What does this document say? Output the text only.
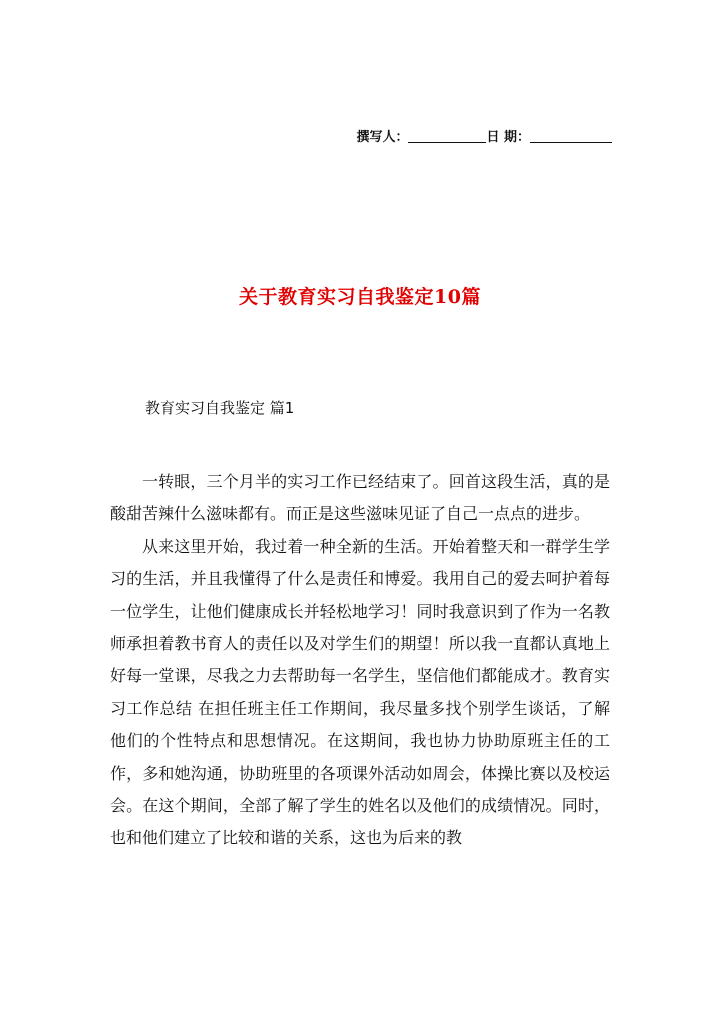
撰写人：	日 期：
关于教育实习自我鉴定10篇
教育实习自我鉴定 篇1

一转眼，三个月半的实习工作已经结束了。回首这段生活，真的是酸甜苦辣什么滋味都有。而正是这些滋味见证了自己一点点的进步。

从来这里开始，我过着一种全新的生活。开始着整天和一群学生学习的生活，并且我懂得了什么是责任和博爱。我用自己的爱去呵护着每一位学生，让他们健康成长并轻松地学习！同时我意识到了作为一名教师承担着教书育人的责任以及对学生们的期望！所以我一直都认真地上好每一堂课，尽我之力去帮助每一名学生，坚信他们都能成才。教育实习工作总结 在担任班主任工作期间，我尽量多找个别学生谈话，了解他们的个性特点和思想情况。在这期间，我也协力协助原班主任的工作，多和她沟通，协助班里的各项课外活动如周会，体操比赛以及校运会。在这个期间，全部了解了学生的姓名以及他们的成绩情况。同时，也和他们建立了比较和谐的关系，这也为后来的教
